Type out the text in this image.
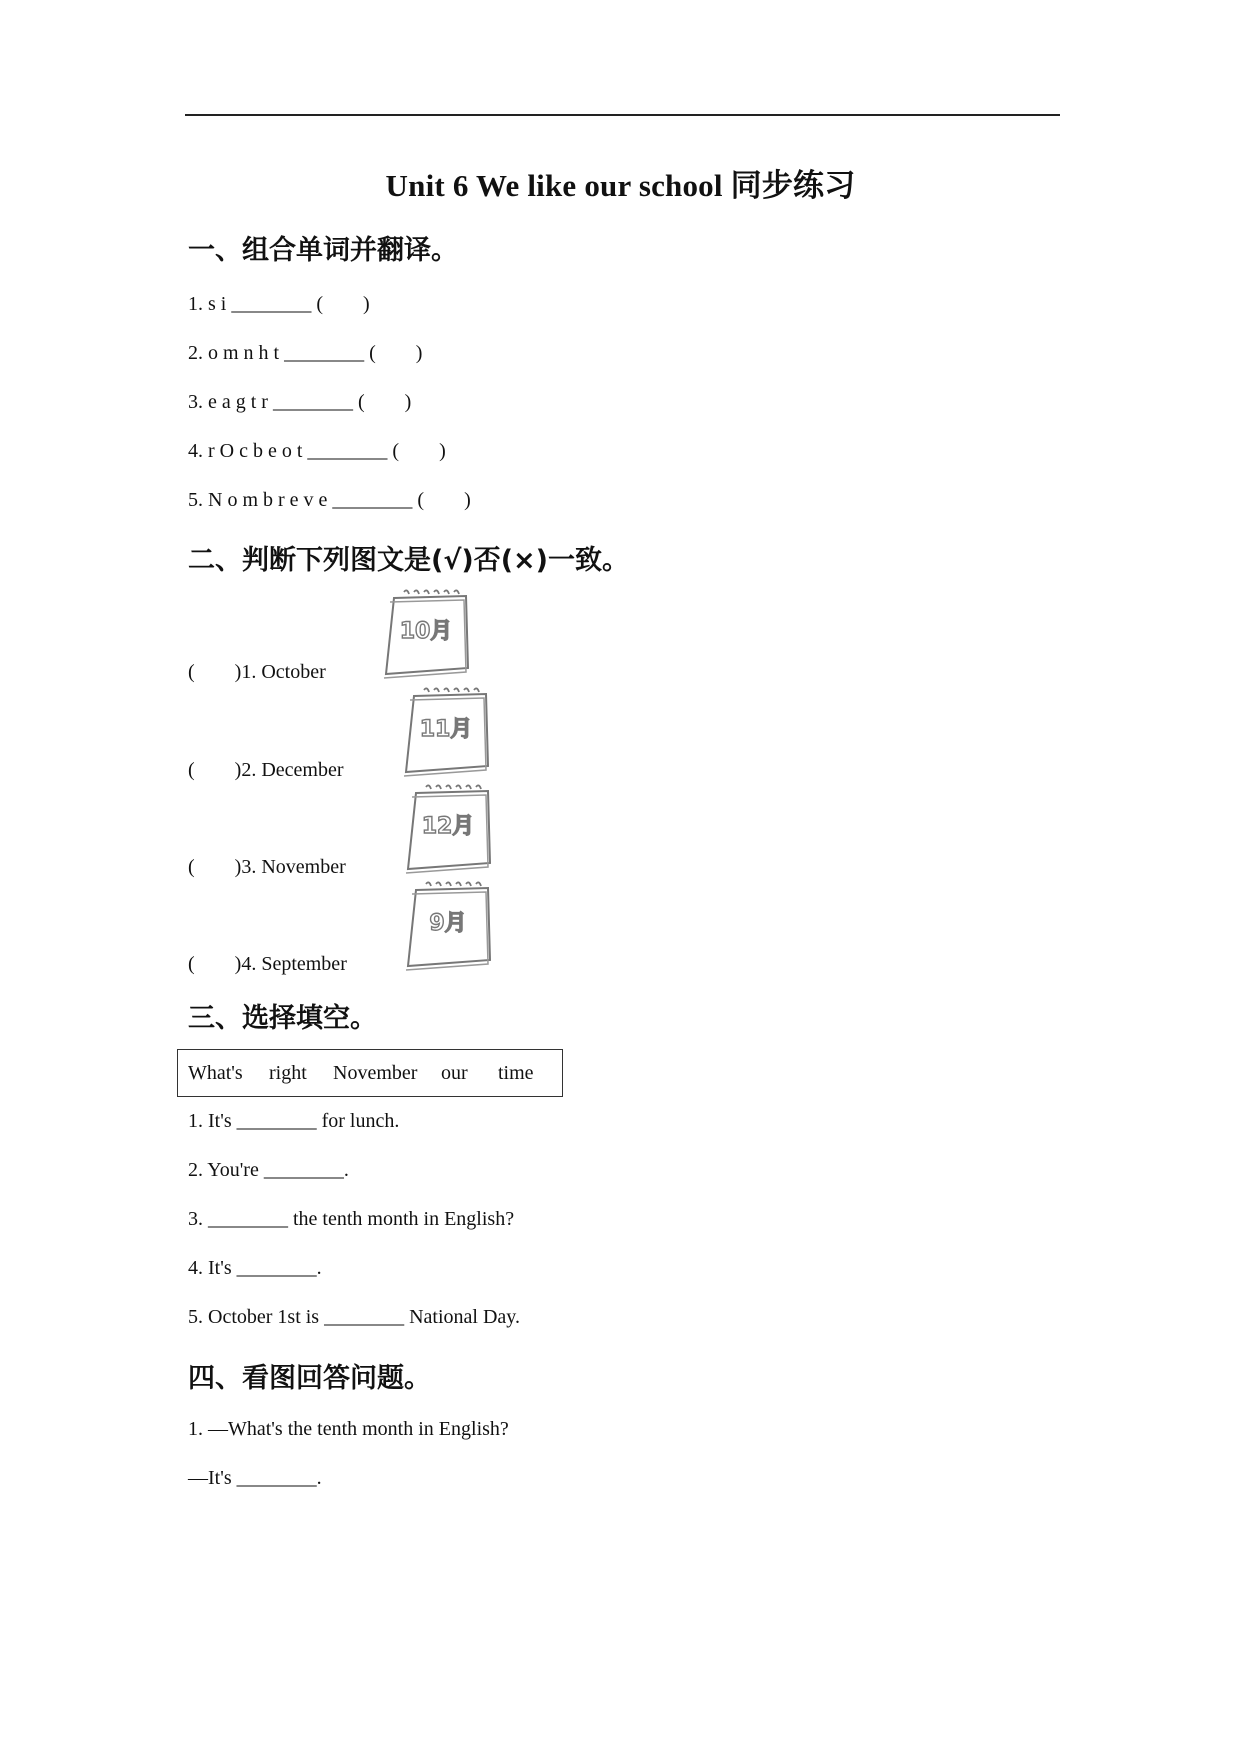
Unit 6 We like our school 同步练习
一、组合单词并翻译。
1. s i ________ (        )
2. o m n h t ________ (        )
3. e a g t r ________ (        )
4. r O c b e o t ________ (        )
5. N o m b r e v e ________ (        )
二、判断下列图文是(√)否(×)一致。
(        )1. October
(        )2. December
(        )3. November
(        )4. September
10月
11月
12月
9月
三、选择填空。
What's right November our time
1. It's ________ for lunch.
2. You're ________.
3. ________ the tenth month in English?
4. It's ________.
5. October 1st is ________ National Day.
四、看图回答问题。
1. —What's the tenth month in English?
—It's ________.
